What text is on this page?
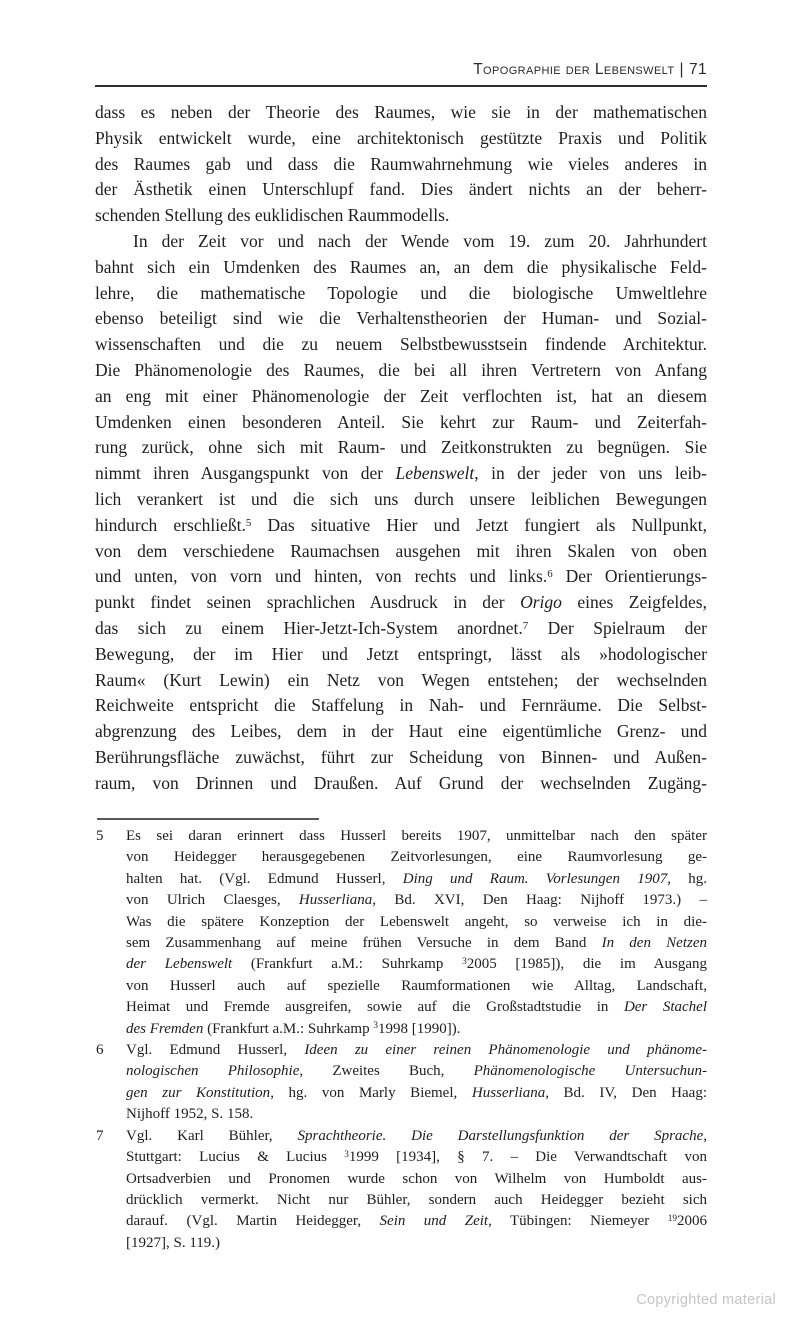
Topographie der Lebenswelt | 71
dass es neben der Theorie des Raumes, wie sie in der mathematischen
Physik entwickelt wurde, eine architektonisch gestützte Praxis und Politik
des Raumes gab und dass die Raumwahrnehmung wie vieles anderes in
der Ästhetik einen Unterschlupf fand. Dies ändert nichts an der beherr-
schenden Stellung des euklidischen Raummodells.
In der Zeit vor und nach der Wende vom 19. zum 20. Jahrhundert
bahnt sich ein Umdenken des Raumes an, an dem die physikalische Feld-
lehre, die mathematische Topologie und die biologische Umweltlehre
ebenso beteiligt sind wie die Verhaltenstheorien der Human- und Sozial-
wissenschaften und die zu neuem Selbstbewusstsein findende Architektur.
Die Phänomenologie des Raumes, die bei all ihren Vertretern von Anfang
an eng mit einer Phänomenologie der Zeit verflochten ist, hat an diesem
Umdenken einen besonderen Anteil. Sie kehrt zur Raum- und Zeiterfah-
rung zurück, ohne sich mit Raum- und Zeitkonstrukten zu begnügen. Sie
nimmt ihren Ausgangspunkt von der Lebenswelt, in der jeder von uns leib-
lich verankert ist und die sich uns durch unsere leiblichen Bewegungen
hindurch erschließt.$^5$ Das situative Hier und Jetzt fungiert als Nullpunkt,
von dem verschiedene Raumachsen ausgehen mit ihren Skalen von oben
und unten, von vorn und hinten, von rechts und links.$^6$ Der Orientierungs-
punkt findet seinen sprachlichen Ausdruck in der Origo eines Zeigfeldes,
das sich zu einem Hier-Jetzt-Ich-System anordnet.$^7$ Der Spielraum der
Bewegung, der im Hier und Jetzt entspringt, lässt als »hodologischer
Raum« (Kurt Lewin) ein Netz von Wegen entstehen; der wechselnden
Reichweite entspricht die Staffelung in Nah- und Fernräume. Die Selbst-
abgrenzung des Leibes, dem in der Haut eine eigentümliche Grenz- und
Berührungsfläche zuwächst, führt zur Scheidung von Binnen- und Außen-
raum, von Drinnen und Draußen. Auf Grund der wechselnden Zugäng-
5 Es sei daran erinnert dass Husserl bereits 1907, unmittelbar nach den später
von Heidegger herausgegebenen Zeitvorlesungen, eine Raumvorlesung ge-
halten hat. (Vgl. Edmund Husserl, Ding und Raum. Vorlesungen 1907, hg.
von Ulrich Claesges, Husserliana, Bd. XVI, Den Haag: Nijhoff 1973.) –
Was die spätere Konzeption der Lebenswelt angeht, so verweise ich in die-
sem Zusammenhang auf meine frühen Versuche in dem Band In den Netzen
der Lebenswelt (Frankfurt a.M.: Suhrkamp $^3$2005 [1985]), die im Ausgang
von Husserl auch auf spezielle Raumformationen wie Alltag, Landschaft,
Heimat und Fremde ausgreifen, sowie auf die Großstadtstudie in Der Stachel
des Fremden (Frankfurt a.M.: Suhrkamp $^3$1998 [1990]).
6 Vgl. Edmund Husserl, Ideen zu einer reinen Phänomenologie und phänome-
nologischen Philosophie, Zweites Buch, Phänomenologische Untersuchun-
gen zur Konstitution, hg. von Marly Biemel, Husserliana, Bd. IV, Den Haag:
Nijhoff 1952, S. 158.
7 Vgl. Karl Bühler, Sprachtheorie. Die Darstellungsfunktion der Sprache,
Stuttgart: Lucius & Lucius $^3$1999 [1934], § 7. – Die Verwandtschaft von
Ortsadverbien und Pronomen wurde schon von Wilhelm von Humboldt aus-
drücklich vermerkt. Nicht nur Bühler, sondern auch Heidegger bezieht sich
darauf. (Vgl. Martin Heidegger, Sein und Zeit, Tübingen: Niemeyer $^{19}$2006
[1927], S. 119.)
Copyrighted material
